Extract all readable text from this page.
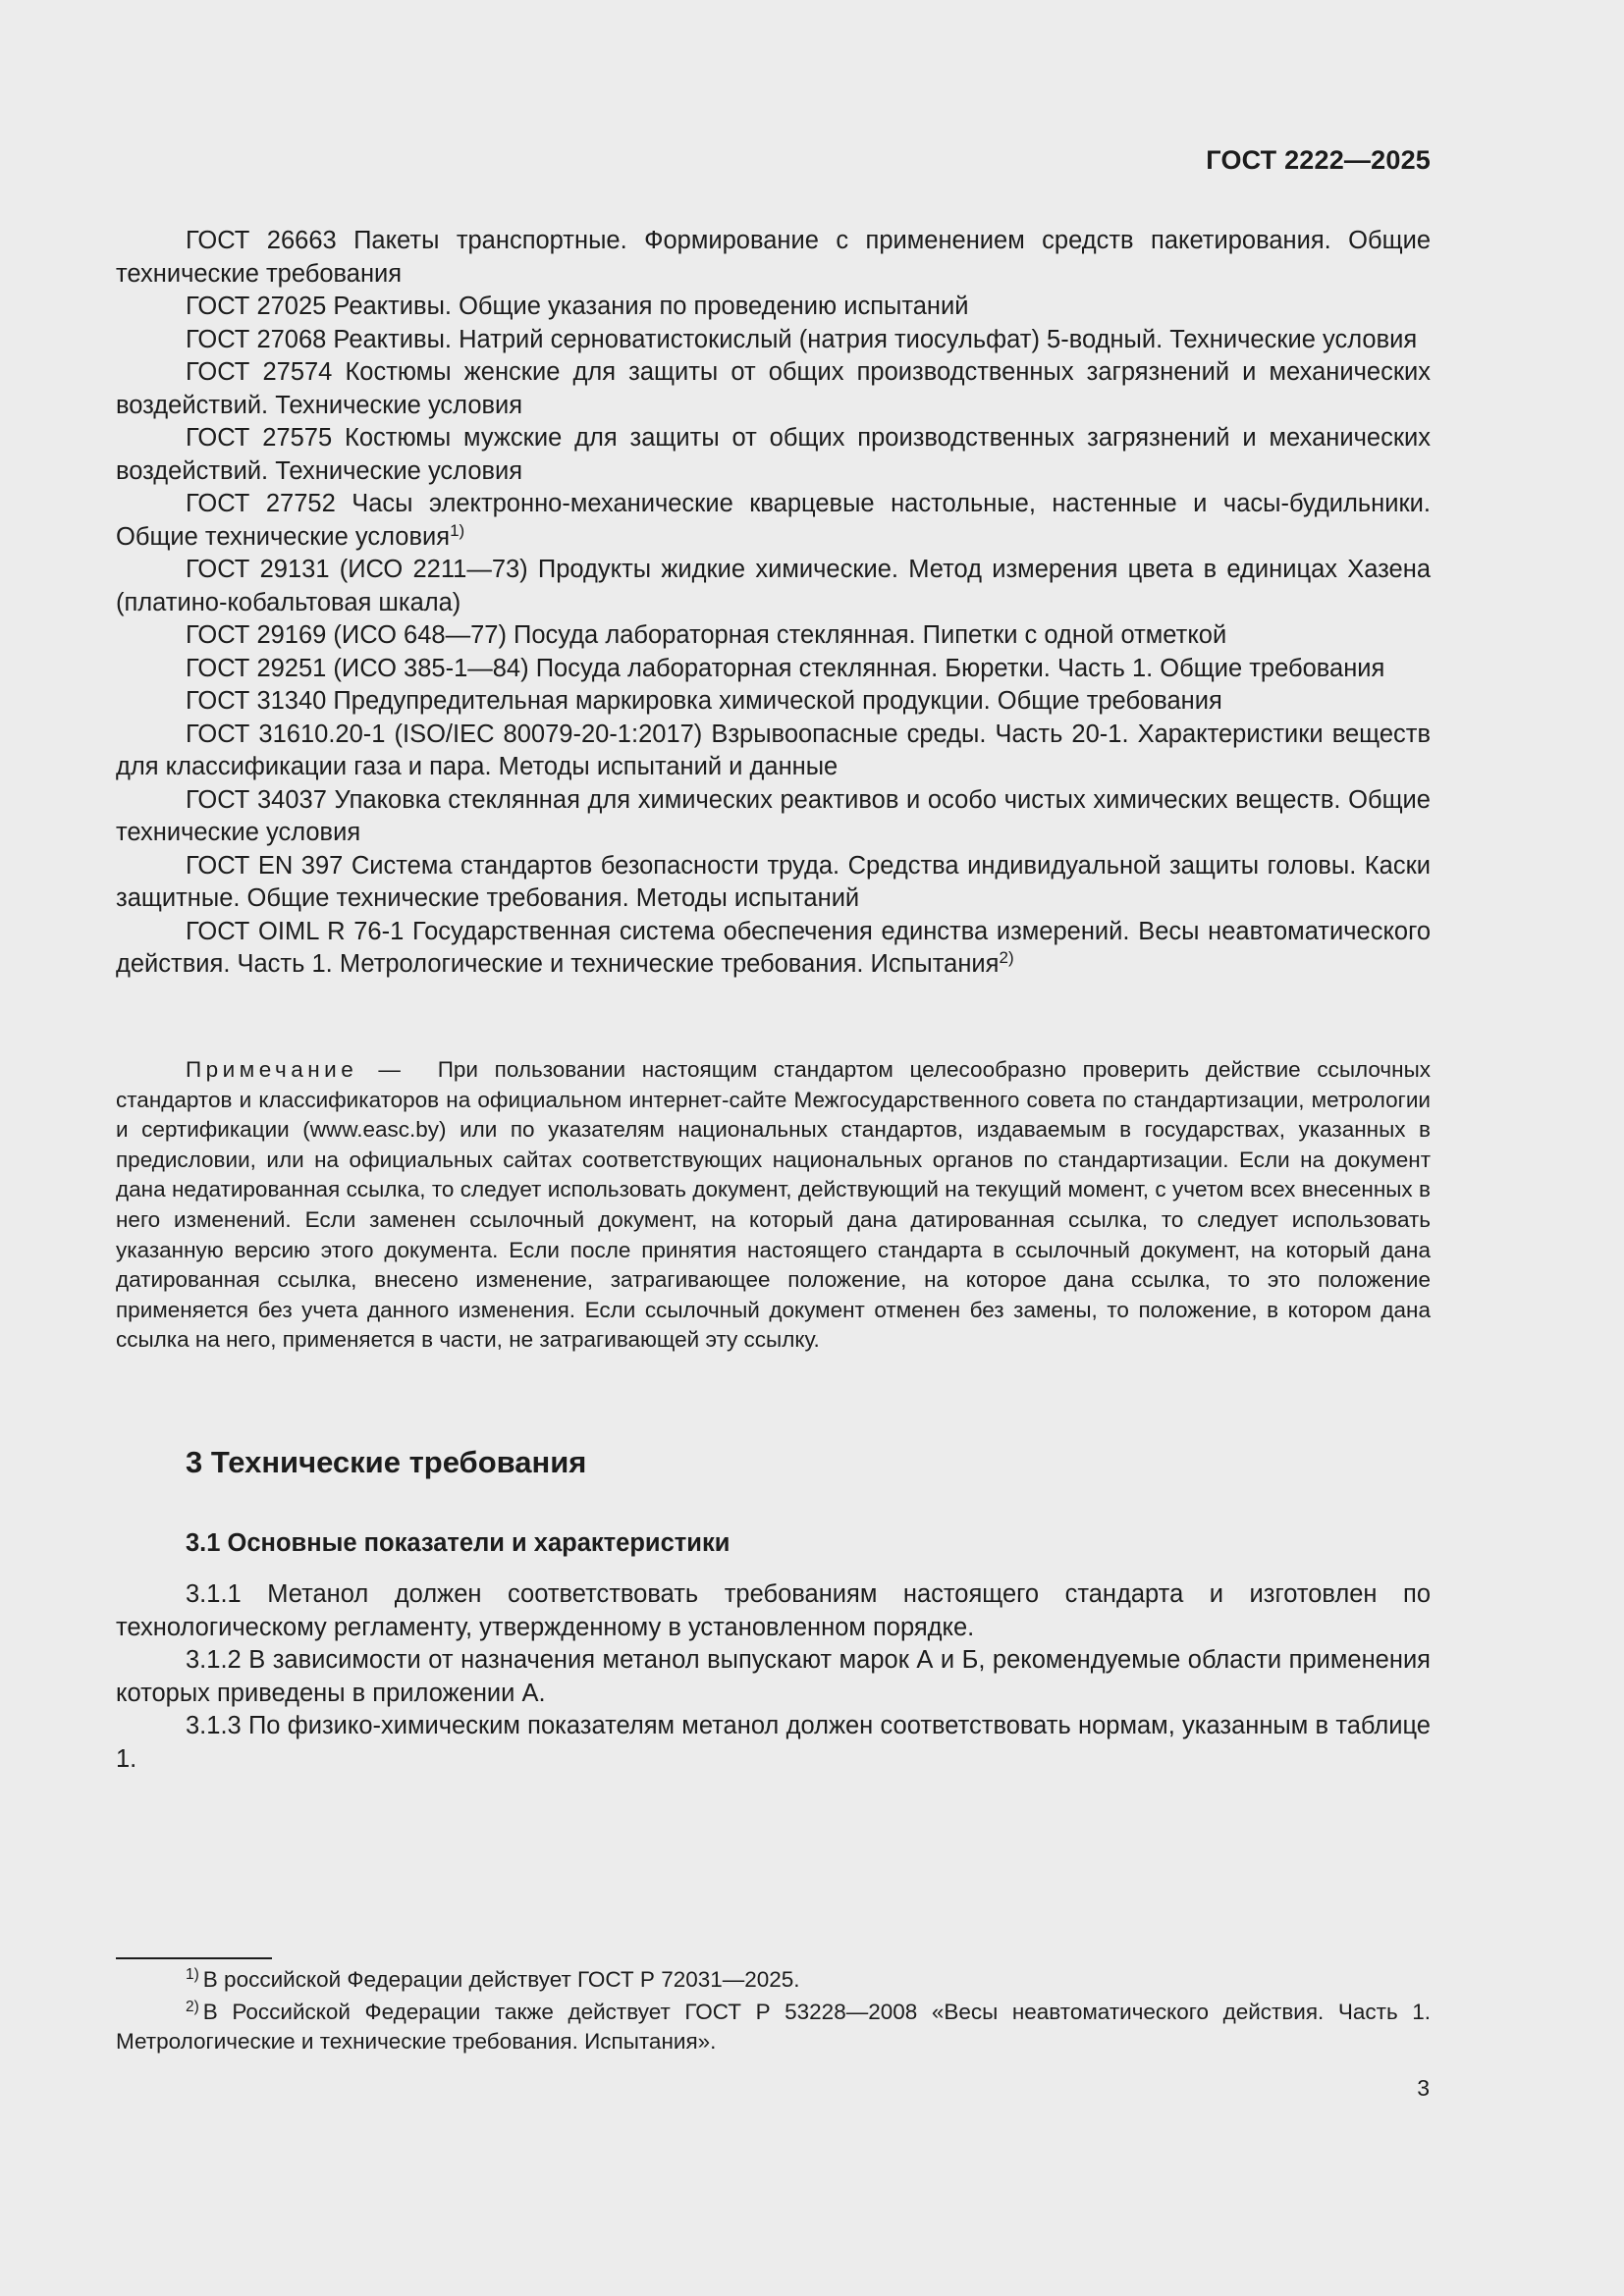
ГОСТ 2222—2025

ГОСТ 26663 Пакеты транспортные. Формирование с применением средств пакетирования. Общие технические требования

ГОСТ 27025 Реактивы. Общие указания по проведению испытаний

ГОСТ 27068 Реактивы. Натрий серноватистокислый (натрия тиосульфат) 5-водный. Технические условия

ГОСТ 27574 Костюмы женские для защиты от общих производственных загрязнений и механических воздействий. Технические условия

ГОСТ 27575 Костюмы мужские для защиты от общих производственных загрязнений и механических воздействий. Технические условия

ГОСТ 27752 Часы электронно-механические кварцевые настольные, настенные и часы-будильники. Общие технические условия$^{1)}$

ГОСТ 29131 (ИСО 2211—73) Продукты жидкие химические. Метод измерения цвета в единицах Хазена (платино-кобальтовая шкала)

ГОСТ 29169 (ИСО 648—77) Посуда лабораторная стеклянная. Пипетки с одной отметкой

ГОСТ 29251 (ИСО 385-1—84) Посуда лабораторная стеклянная. Бюретки. Часть 1. Общие требования

ГОСТ 31340 Предупредительная маркировка химической продукции. Общие требования

ГОСТ 31610.20-1 (ISO/IEC 80079-20-1:2017) Взрывоопасные среды. Часть 20-1. Характеристики веществ для классификации газа и пара. Методы испытаний и данные

ГОСТ 34037 Упаковка стеклянная для химических реактивов и особо чистых химических веществ. Общие технические условия

ГОСТ EN 397 Система стандартов безопасности труда. Средства индивидуальной защиты головы. Каски защитные. Общие технические требования. Методы испытаний

ГОСТ OIML R 76-1 Государственная система обеспечения единства измерений. Весы неавтоматического действия. Часть 1. Метрологические и технические требования. Испытания$^{2)}$

Примечание — При пользовании настоящим стандартом целесообразно проверить действие ссылочных стандартов и классификаторов на официальном интернет-сайте Межгосударственного совета по стандартизации, метрологии и сертификации (www.easc.by) или по указателям национальных стандартов, издаваемым в государствах, указанных в предисловии, или на официальных сайтах соответствующих национальных органов по стандартизации. Если на документ дана недатированная ссылка, то следует использовать документ, действующий на текущий момент, с учетом всех внесенных в него изменений. Если заменен ссылочный документ, на который дана датированная ссылка, то следует использовать указанную версию этого документа. Если после принятия настоящего стандарта в ссылочный документ, на который дана датированная ссылка, внесено изменение, затрагивающее положение, на которое дана ссылка, то это положение применяется без учета данного изменения. Если ссылочный документ отменен без замены, то положение, в котором дана ссылка на него, применяется в части, не затрагивающей эту ссылку.

3 Технические требования
3.1 Основные показатели и характеристики

3.1.1 Метанол должен соответствовать требованиям настоящего стандарта и изготовлен по технологическому регламенту, утвержденному в установленном порядке.

3.1.2 В зависимости от назначения метанол выпускают марок А и Б, рекомендуемые области применения которых приведены в приложении А.

3.1.3 По физико-химическим показателям метанол должен соответствовать нормам, указанным в таблице 1.

$^{1)}$ В российской Федерации действует ГОСТ Р 72031—2025.

$^{2)}$ В Российской Федерации также действует ГОСТ Р 53228—2008 «Весы неавтоматического действия. Часть 1. Метрологические и технические требования. Испытания».

3
